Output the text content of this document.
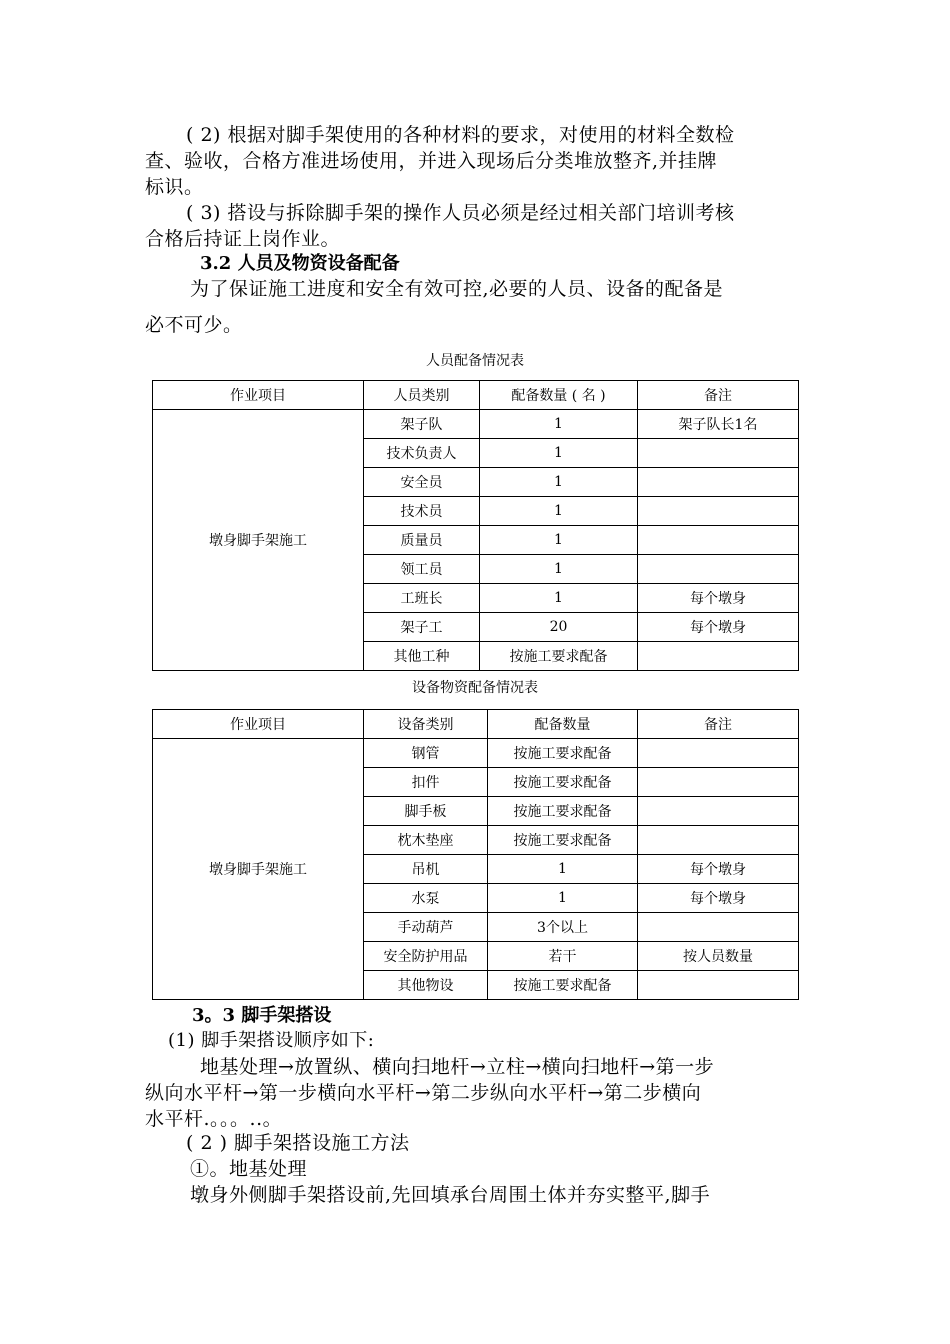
( 2) 根据对脚手架使用的各种材料的要求，对使用的材料全数检
查、验收，合格方准进场使用，并进入现场后分类堆放整齐,并挂牌
标识。
( 3) 搭设与拆除脚手架的操作人员必须是经过相关部门培训考核
合格后持证上岗作业。
3.2 人员及物资设备配备
为了保证施工进度和安全有效可控,必要的人员、设备的配备是
必不可少。
人员配备情况表
作业项目	人员类别	配备数量 ( 名 )	备注
墩身脚手架施工	架子队	1	架子队长1名
	技术负责人	1	
	安全员	1	
	技术员	1	
	质量员	1	
	领工员	1	
	工班长	1	每个墩身
	架子工	20	每个墩身
	其他工种	按施工要求配备	
设备物资配备情况表
作业项目	设备类别	配备数量	备注
墩身脚手架施工	钢管	按施工要求配备	
	扣件	按施工要求配备	
	脚手板	按施工要求配备	
	枕木垫座	按施工要求配备	
	吊机	1	每个墩身
	水泵	1	每个墩身
	手动葫芦	3个以上	
	安全防护用品	若干	按人员数量
	其他物设	按施工要求配备	
3。3 脚手架搭设
(1) 脚手架搭设顺序如下:
地基处理→放置纵、横向扫地杆→立柱→横向扫地杆→第一步
纵向水平杆→第一步横向水平杆→第二步纵向水平杆→第二步横向
水平杆.。。。..。
( 2 ) 脚手架搭设施工方法
①。地基处理
墩身外侧脚手架搭设前,先回填承台周围土体并夯实整平,脚手
